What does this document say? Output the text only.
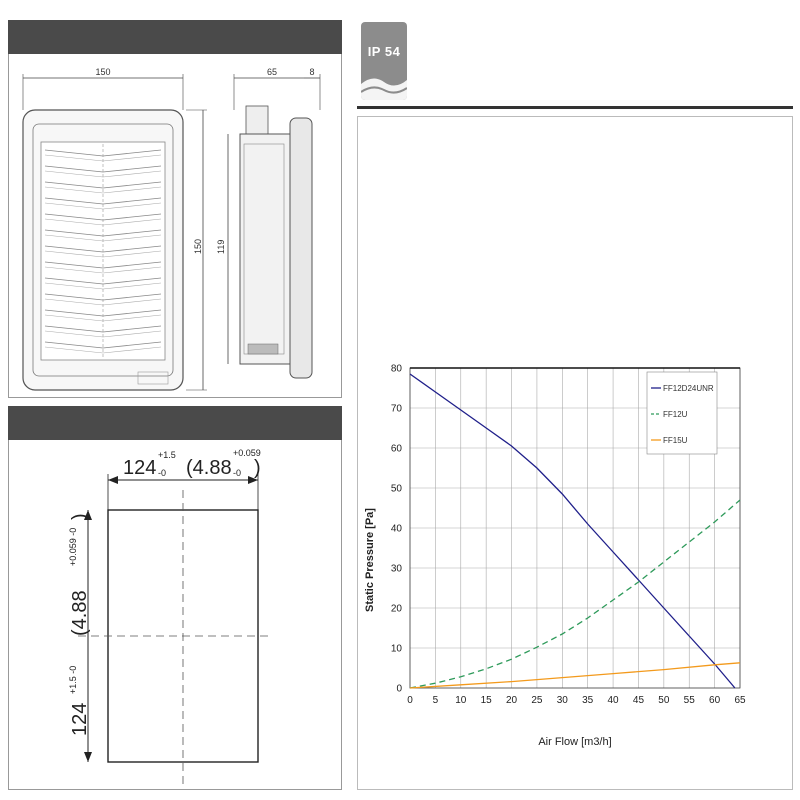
150
150
65	8
119
124
+1.5
-0 (4.88
+0.059
-0 )
124
+1.5 -0
(4.88
+0.059 -0
)
IP 54
0 5 10 15 20 25 30 35 40 45 50 55 60 65
0
10
20
30
40
50
60
70
80
FF12D24UNR
FF12U
FF15U
Air Flow [m3/h]
Static Pressure [Pa]
